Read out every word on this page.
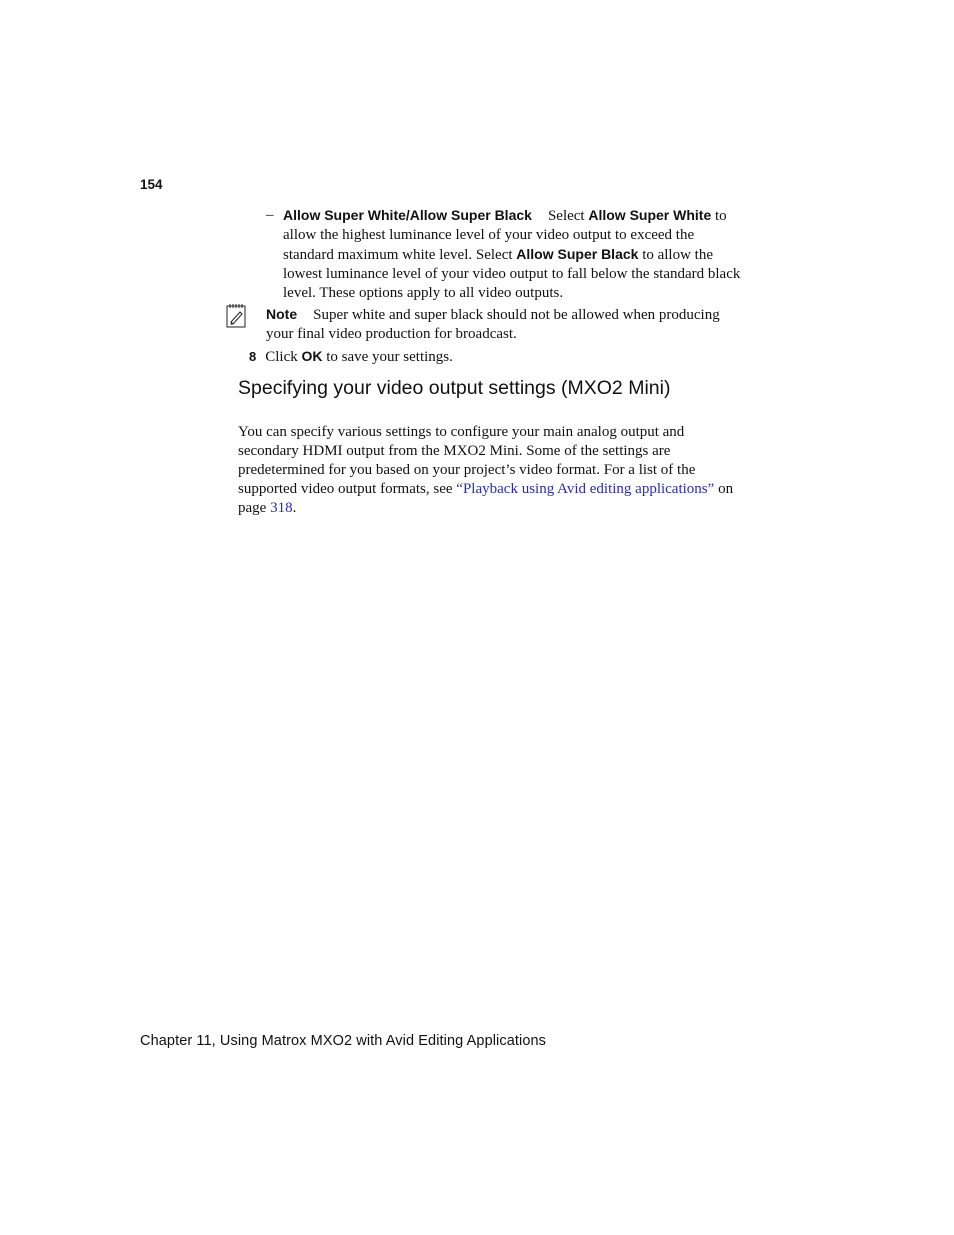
154
– Allow Super White/Allow Super Black Select Allow Super White to allow the highest luminance level of your video output to exceed the standard maximum white level. Select Allow Super Black to allow the lowest luminance level of your video output to fall below the standard black level. These options apply to all video outputs.
Note Super white and super black should not be allowed when producing your final video production for broadcast.
8 Click OK to save your settings.
Specifying your video output settings (MXO2 Mini)
You can specify various settings to configure your main analog output and secondary HDMI output from the MXO2 Mini. Some of the settings are predetermined for you based on your project’s video format. For a list of the supported video output formats, see “Playback using Avid editing applications” on page 318.
Chapter 11, Using Matrox MXO2 with Avid Editing Applications
